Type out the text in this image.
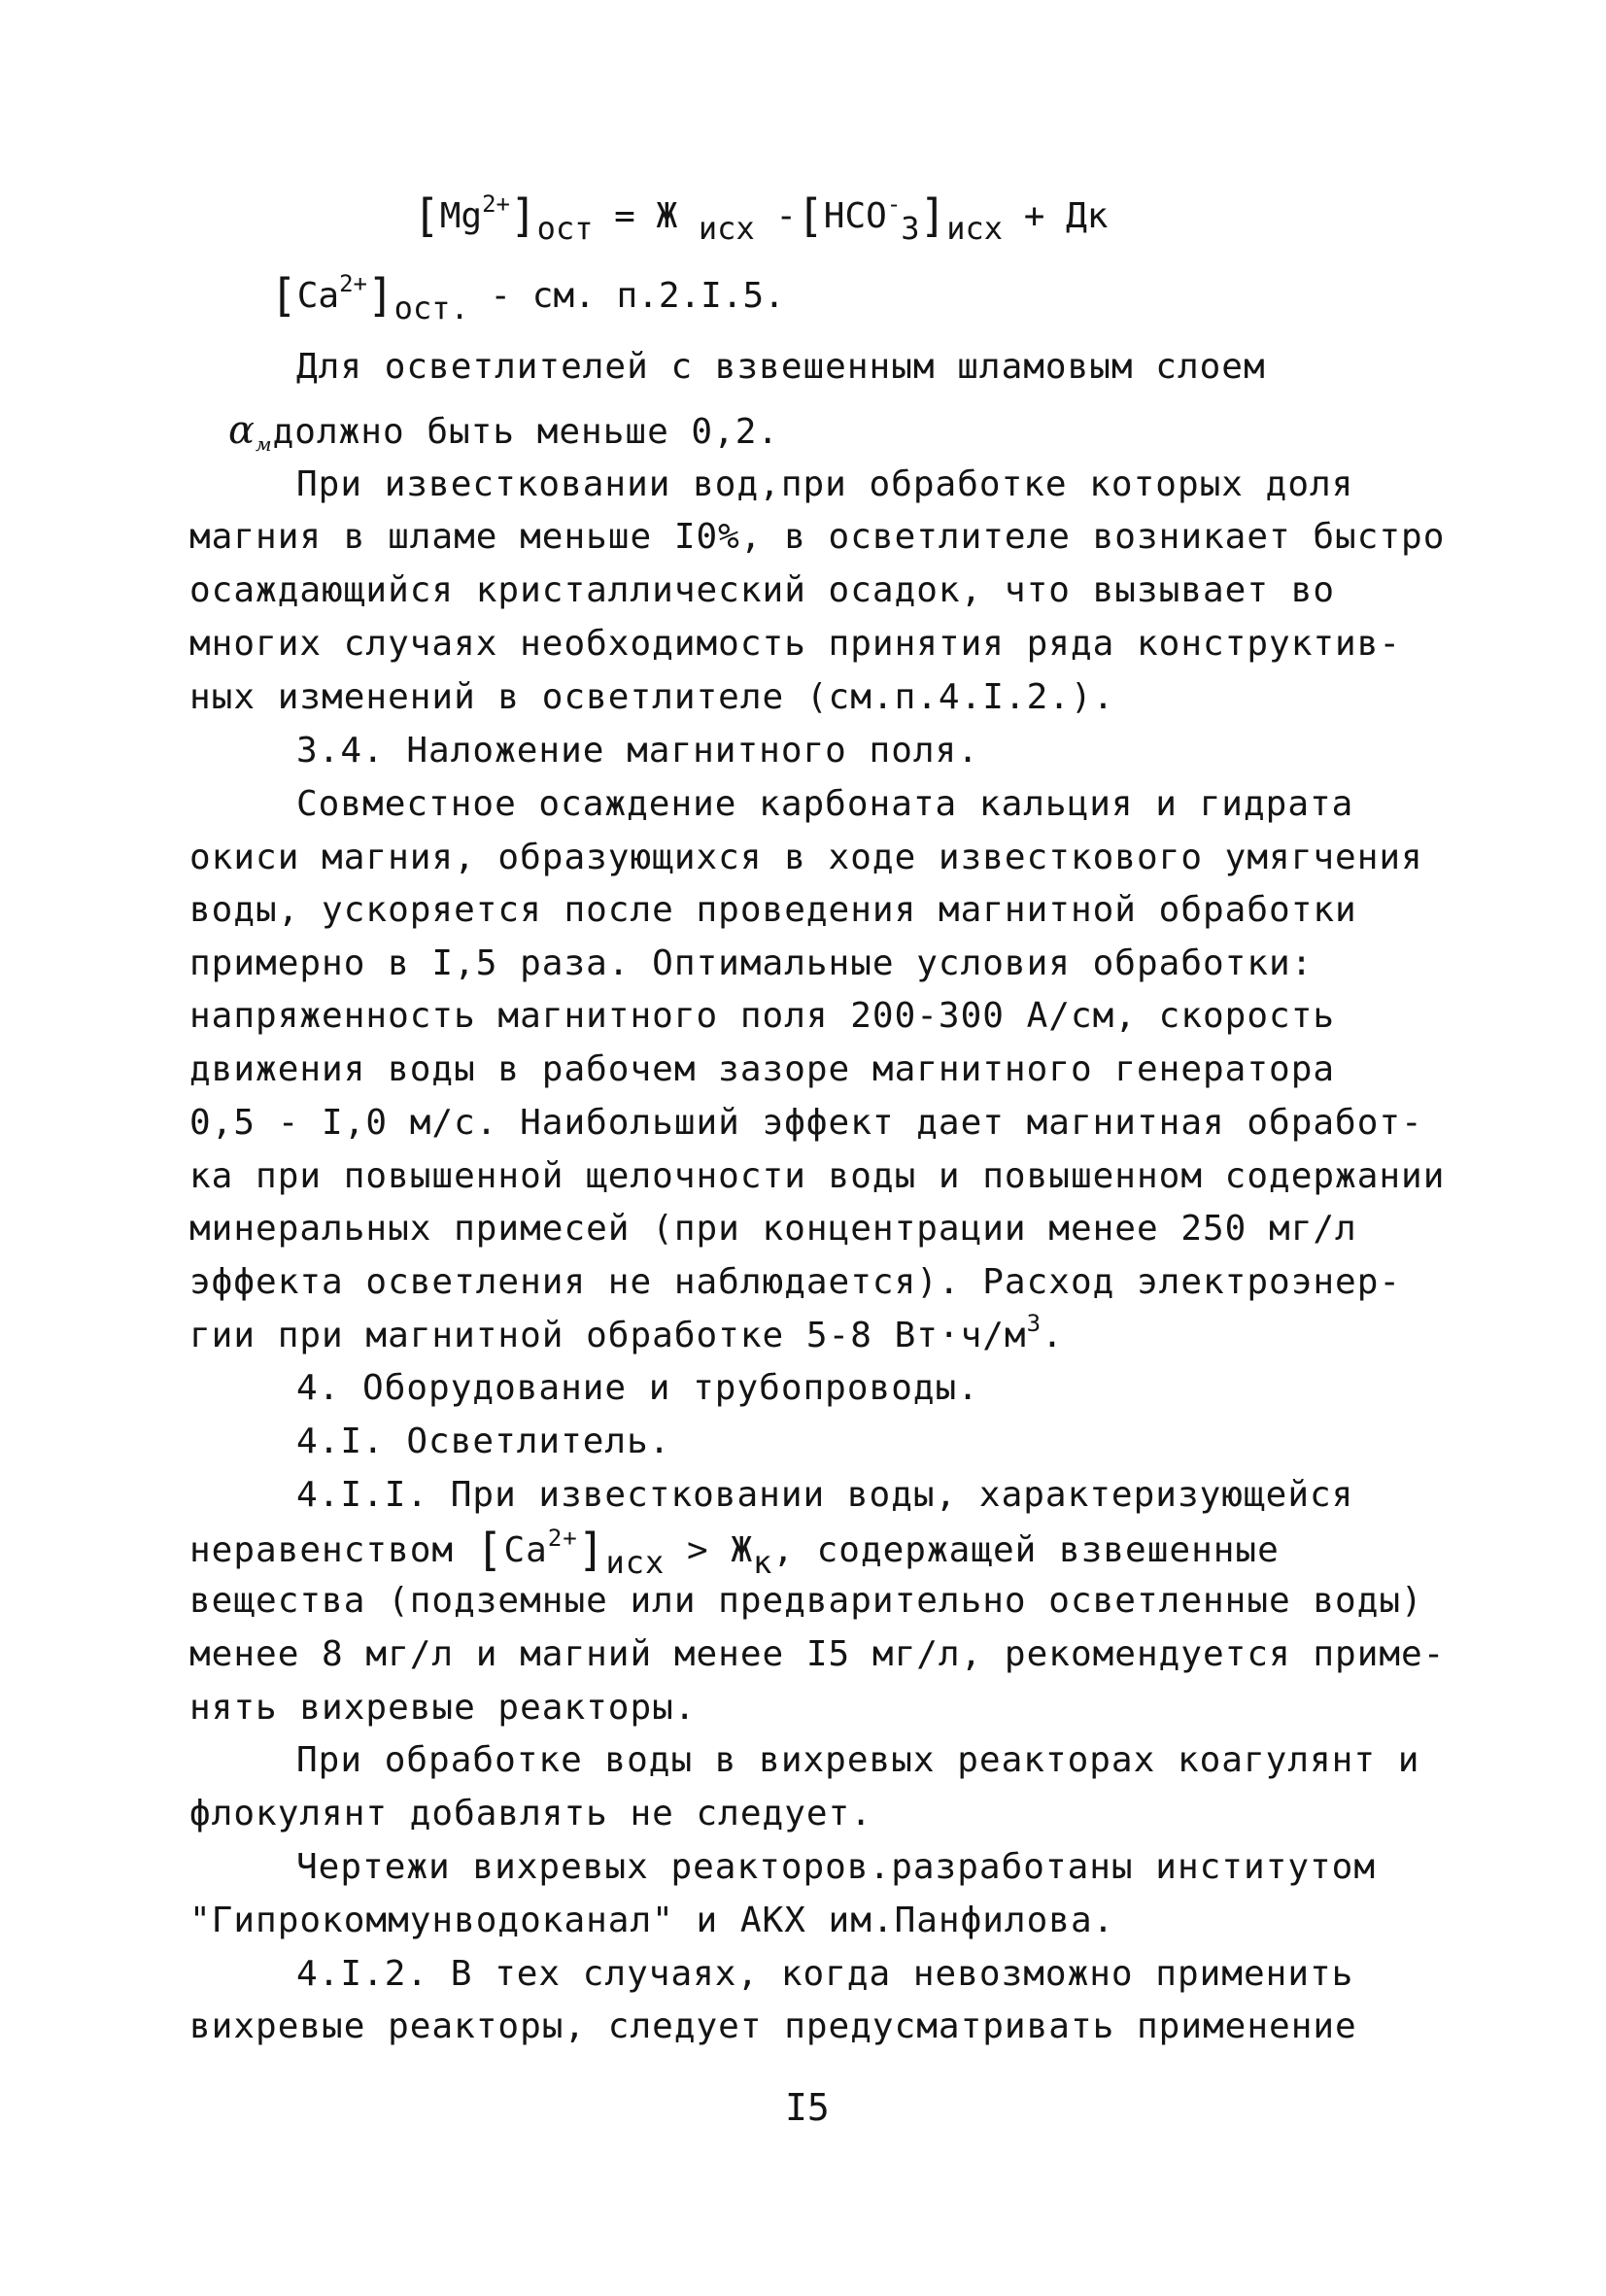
$[Mg^{2+}]_{ост} = Ж$ $_{исх}$ $-[HCO^-_3]_{исх}$ + Дк
$[Ca^{2+}]_{ост.}$ - см. п.2.I.5.
Для осветлителей с взвешенным шламовым слоем
$\alpha_мдолжно$ быть меньше 0,2.
При известковании вод,при обработке которых доля
магния в шламе меньше I0%, в осветлителе возникает быстро
осаждающийся кристаллический осадок, что вызывает во
многих случаях необходимость принятия ряда конструктив-
ных изменений в осветлителе (см.п.4.I.2.).
3.4. Наложение магнитного поля.
Совместное осаждение карбоната кальция и гидрата
окиси магния, образующихся в ходе известкового умягчения
воды, ускоряется после проведения магнитной обработки
примерно в I,5 раза. Оптимальные условия обработки:
напряженность магнитного поля 200-300 А/см, скорость
движения воды в рабочем зазоре магнитного генератора
0,5 - I,0 м/с. Наибольший эффект дает магнитная обработ-
ка при повышенной щелочности воды и повышенном содержании
минеральных примесей (при концентрации менее 250 мг/л
эффекта осветления не наблюдается). Расход электроэнер-
гии при магнитной обработке 5-8 $Вт\cdot ч/м^3$.
4. Оборудование и трубопроводы.
4.I. Осветлитель.
4.I.I. При известковании воды, характеризующейся
неравенством $[Ca^{2+}]_{исх} > Ж_к$, содержащей взвешенные
вещества (подземные или предварительно осветленные воды)
менее 8 мг/л и магний менее I5 мг/л, рекомендуется приме-
нять вихревые реакторы.
При обработке воды в вихревых реакторах коагулянт и
флокулянт добавлять не следует.
Чертежи вихревых реакторов.разработаны институтом
"Гипрокоммунводоканал" и АКХ им.Панфилова.
4.I.2. В тех случаях, когда невозможно применить
вихревые реакторы, следует предусматривать применение
I5
